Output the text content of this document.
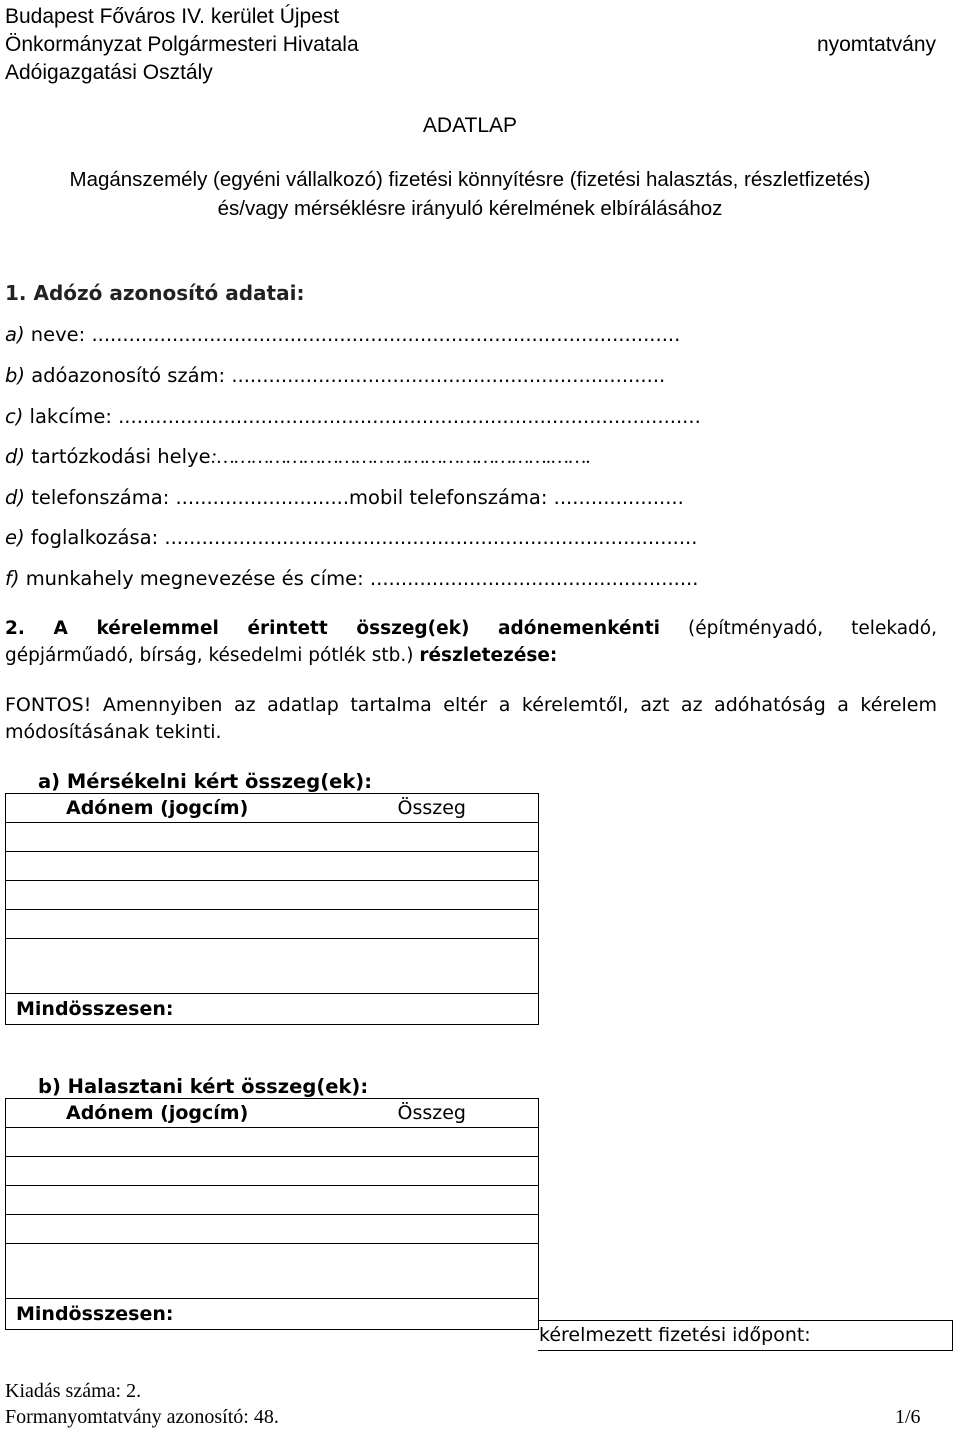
Budapest Főváros IV. kerület Újpest
Önkormányzat Polgármesteri Hivatala
Adóigazgatási Osztály
nyomtatvány
ADATLAP
Magánszemély (egyéni vállalkozó) fizetési könnyítésre (fizetési halasztás, részletfizetés)
és/vagy mérséklésre irányuló kérelmének elbírálásához
1. Adózó azonosító adatai:
a) neve: ...............................................................................................
b) adóazonosító szám: ......................................................................
c) lakcíme: ..............................................................................................
d) tartózkodási helye:………………………………………………….…….
d) telefonszáma: ............................mobil telefonszáma: .....................
e) foglalkozása: ......................................................................................
f) munkahely megnevezése és címe: .....................................................
2. A kérelemmel érintett összeg(ek) adónemenkénti (építményadó, telekadó,
gépjárműadó, bírság, késedelmi pótlék stb.) részletezése:
FONTOS! Amennyiben az adatlap tartalma eltér a kérelemtől, azt az adóhatóság a kérelem
módosításának tekinti.
a) Mérsékelni kért összeg(ek):
Adónem (jogcím)	Összeg

Mindösszesen:	
b) Halasztani kért összeg(ek):
Adónem (jogcím)	Összeg

Mindösszesen:	
kérelmezett fizetési időpont:
Kiadás száma: 2.
Formanyomtatvány azonosító: 48.	1/6
